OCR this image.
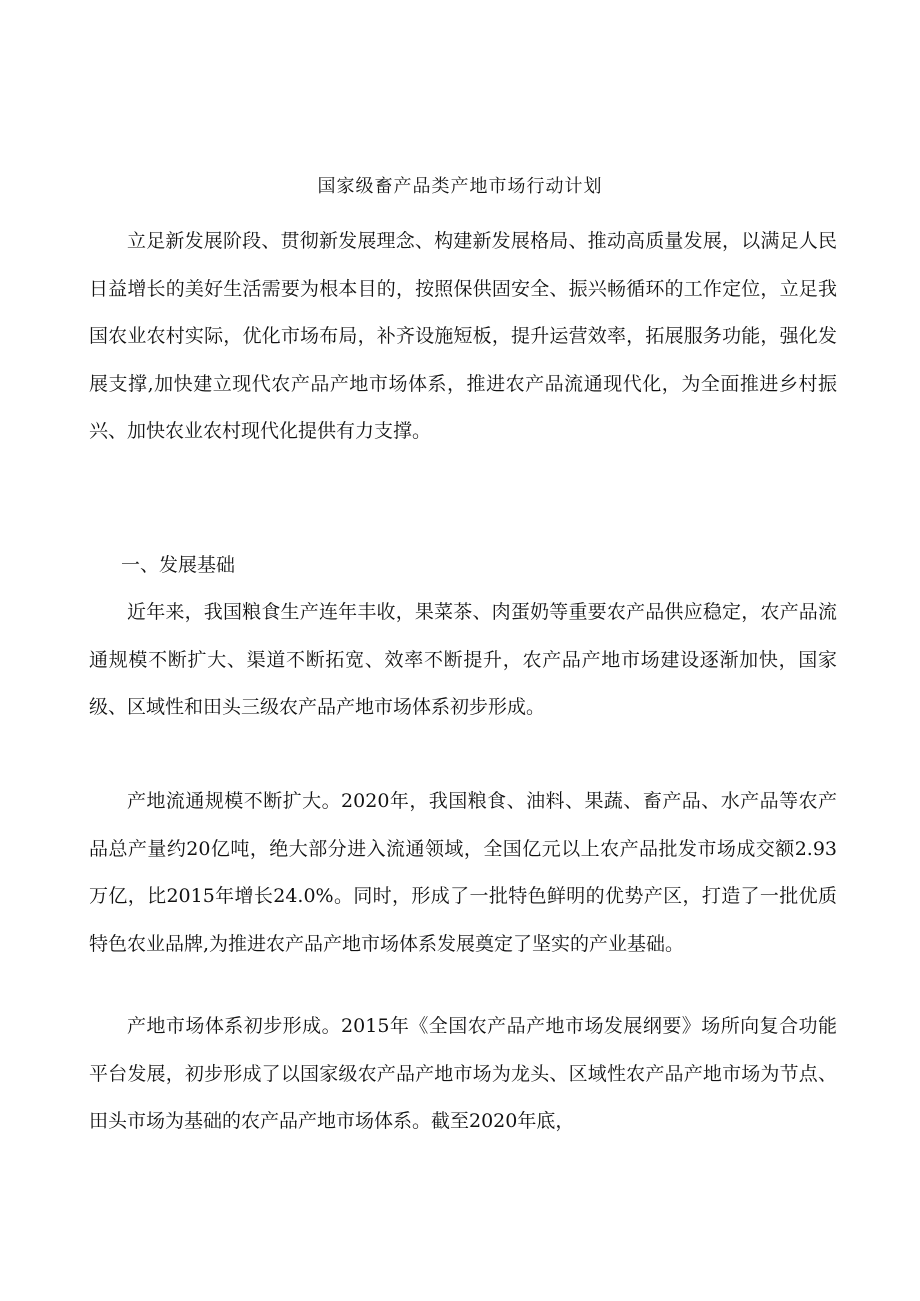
国家级畜产品类产地市场行动计划

立足新发展阶段、贯彻新发展理念、构建新发展格局、推动高质量发展，以满足人民日益增长的美好生活需要为根本目的，按照保供固安全、振兴畅循环的工作定位，立足我国农业农村实际，优化市场布局，补齐设施短板，提升运营效率，拓展服务功能，强化发展支撑,加快建立现代农产品产地市场体系，推进农产品流通现代化，为全面推进乡村振兴、加快农业农村现代化提供有力支撑。

一、发展基础

近年来，我国粮食生产连年丰收，果菜茶、肉蛋奶等重要农产品供应稳定，农产品流通规模不断扩大、渠道不断拓宽、效率不断提升，农产品产地市场建设逐渐加快，国家级、区域性和田头三级农产品产地市场体系初步形成。

产地流通规模不断扩大。2020年，我国粮食、油料、果蔬、畜产品、水产品等农产品总产量约20亿吨，绝大部分进入流通领域，全国亿元以上农产品批发市场成交额2.93万亿，比2015年增长24.0%。同时，形成了一批特色鲜明的优势产区，打造了一批优质特色农业品牌,为推进农产品产地市场体系发展奠定了坚实的产业基础。

产地市场体系初步形成。2015年《全国农产品产地市场发展纲要》场所向复合功能平台发展，初步形成了以国家级农产品产地市场为龙头、区域性农产品产地市场为节点、田头市场为基础的农产品产地市场体系。截至2020年底，
